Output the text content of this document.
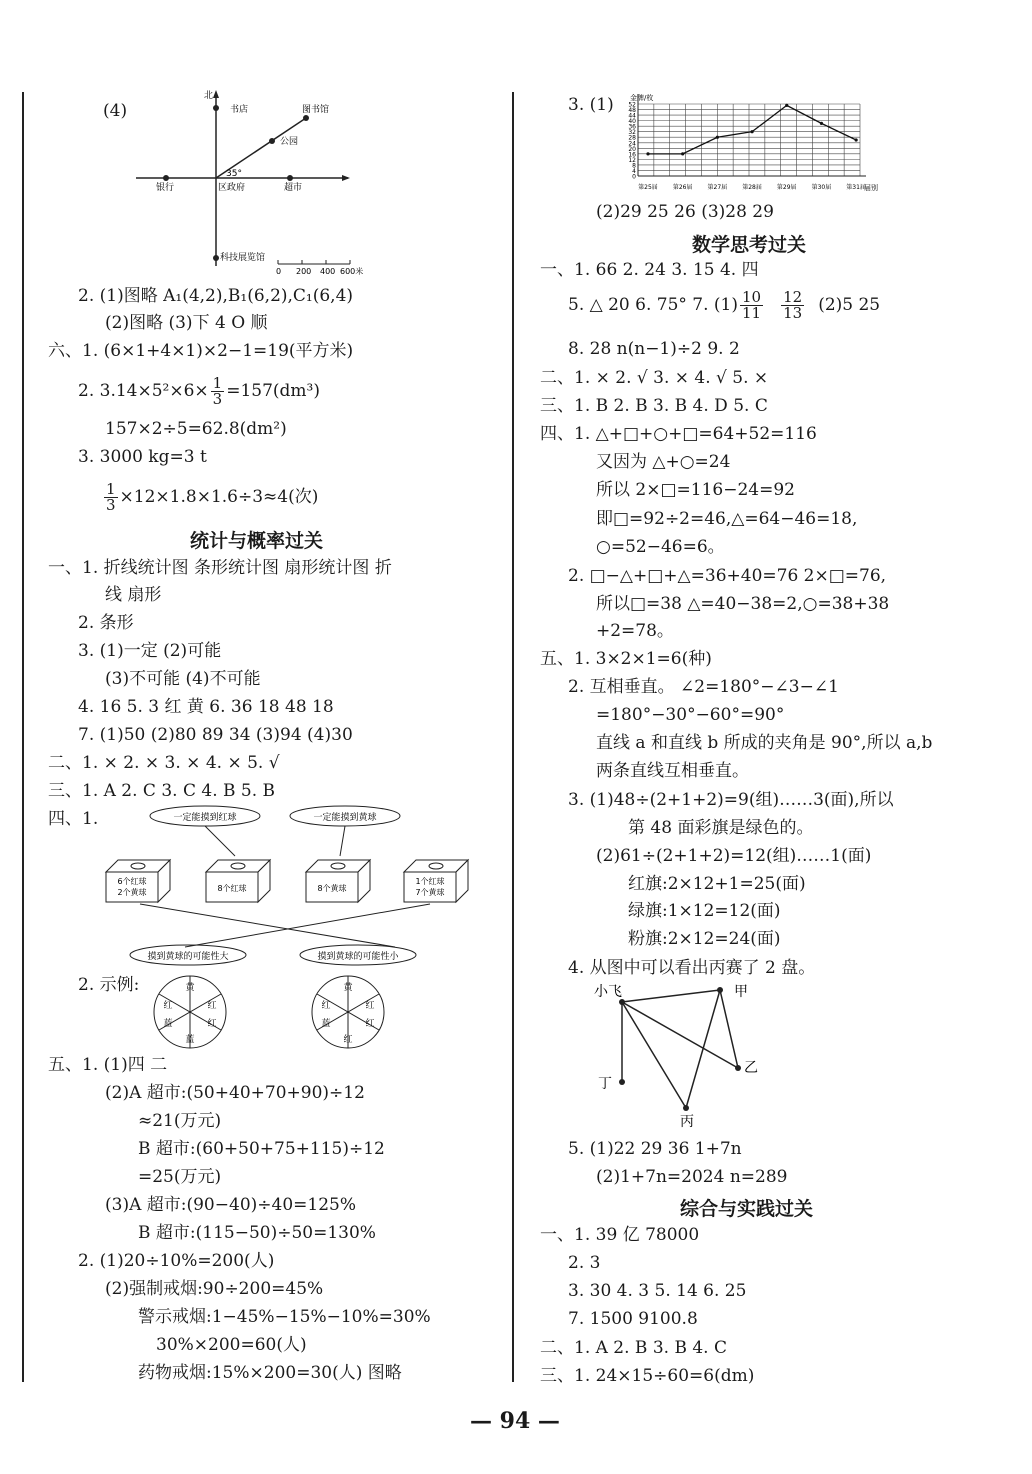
(4)
北
书店	图书馆
公园
35°
银行	区政府	超市
科技展览馆
0 200 400 600米
2. (1)图略 A₁(4,2),B₁(6,2),C₁(6,4)
(2)图略 (3)下 4 O 顺
六、1. (6×1+4×1)×2−1=19(平方米)
2. $3.14\times 5^2\times 6\times \frac{1}{3} =157(dm^3)$
157×2÷5=62.8(dm²)
3. 3000 kg=3 t
$\frac{1}{3} \times 12\times 1.8\times 1.6\div 3\approx 4$(次)
统计与概率过关
一、1. 折线统计图 条形统计图 扇形统计图 折
线 扇形
2. 条形
3. (1)一定 (2)可能
(3)不可能 (4)不可能
4. 16 5. 3 红 黄 6. 36 18 48 18
7. (1)50 (2)80 89 34 (3)94 (4)30
二、1. × 2. × 3. × 4. × 5. √
三、1. A 2. C 3. C 4. B 5. B
四、1.	一定能摸到红球	一定能摸到黄球
6个红球
2个黄球	8个红球	8个黄球
1个红球
7个黄球
摸到黄球的可能性大	摸到黄球的可能性小
2. 示例:	黄
红	红
红
蓝
蓝
黄
红	红
红
蓝
红
五、1. (1)四 二
(2)A 超市:(50+40+70+90)÷12
≈21(万元)
B 超市:(60+50+75+115)÷12
=25(万元)
(3)A 超市:(90−40)÷40=125%
B 超市:(115−50)÷50=130%
2. (1)20÷10%=200(人)
(2)强制戒烟:90÷200=45%
警示戒烟:1−45%−15%−10%=30%
30%×200=60(人)
药物戒烟:15%×200=30(人) 图略
3. (1)
0
4
8
12
16
20
24
28
32
36
40
44
48
52
第25届	第26届	第27届	第28届	第29届	第30届	第31届
金牌/枚
届别
(2)29 25 26 (3)28 29
数学思考过关
一、1. 66 2. 24 3. 15 4. 四
5. △ 20 6. 75° 7. $(1) \frac{10}{11} \frac{12}{13} (2)5$ 25
8. 28 n(n−1)÷2 9. 2
二、1. × 2. √ 3. × 4. √ 5. ×
三、1. B 2. B 3. B 4. D 5. C
四、1. △+□+○+□=64+52=116
又因为 △+○=24
所以 2×□=116−24=92
即□=92÷2=46,△=64−46=18,
○=52−46=6。
2. □−△+□+△=36+40=76 2×□=76,
所以□=38 △=40−38=2,○=38+38
+2=78。
五、1. 3×2×1=6(种)
2. 互相垂直。 ∠2=180°−∠3−∠1
=180°−30°−60°=90°
直线 a 和直线 b 所成的夹角是 90°,所以 a,b
两条直线互相垂直。
3. (1)48÷(2+1+2)=9(组)……3(面),所以
第 48 面彩旗是绿色的。
(2)61÷(2+1+2)=12(组)……1(面)
红旗:2×12+1=25(面)
绿旗:1×12=12(面)
粉旗:2×12=24(面)
4. 从图中可以看出丙赛了 2 盘。
小飞	甲
乙
丁
丙
5. (1)22 29 36 1+7n
(2)1+7n=2024 n=289
综合与实践过关
一、1. 39 亿 78000
2. 3
3. 30 4. 3 5. 14 6. 25
7. 1500 9100.8
二、1. A 2. B 3. B 4. C
三、1. 24×15÷60=6(dm)
— 94 —
